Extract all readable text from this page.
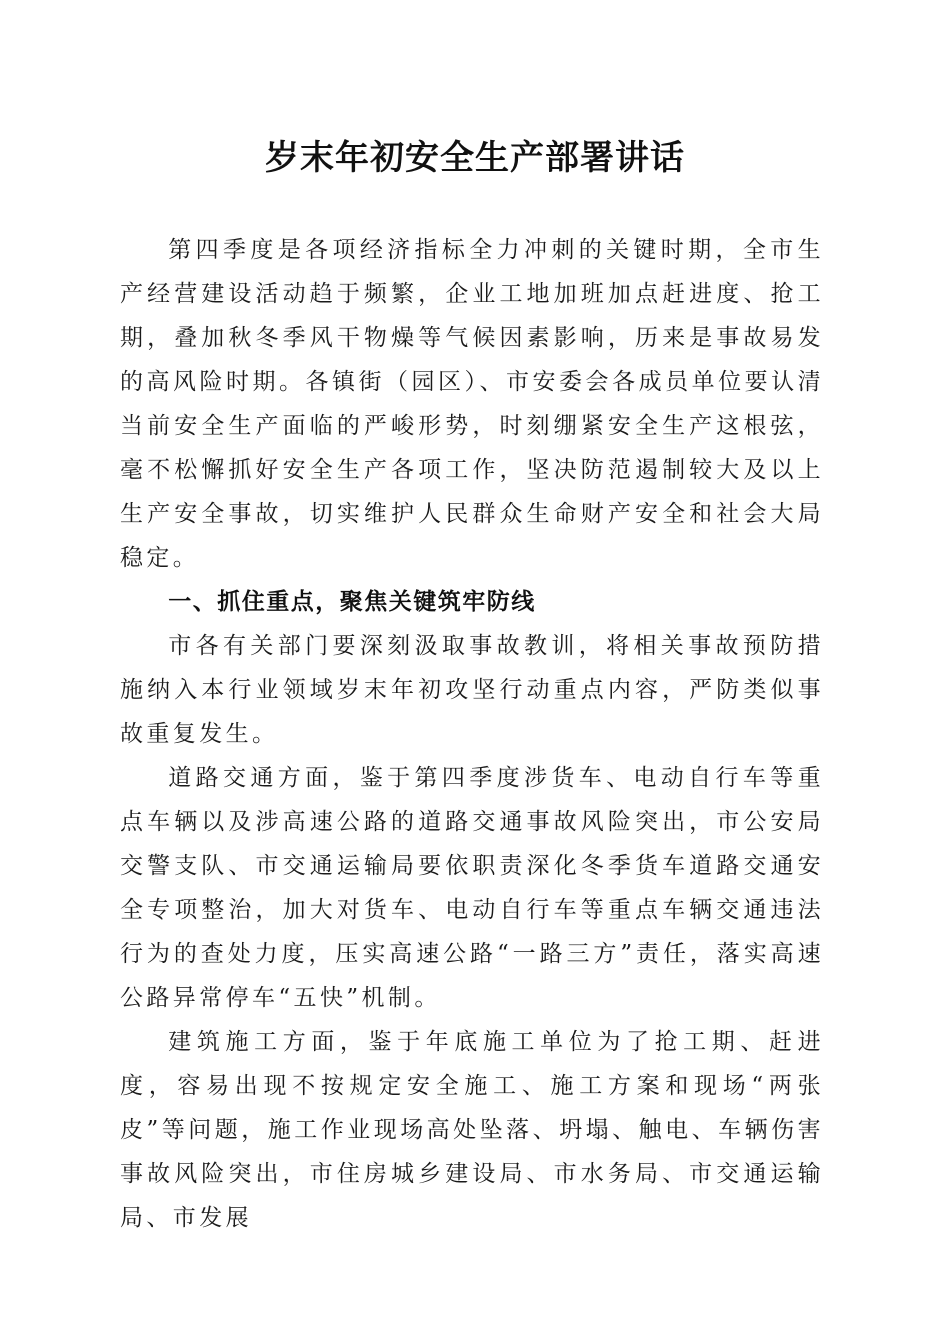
岁末年初安全生产部署讲话

第四季度是各项经济指标全力冲刺的关键时期，全市生产经营建设活动趋于频繁，企业工地加班加点赶进度、抢工期，叠加秋冬季风干物燥等气候因素影响，历来是事故易发的高风险时期。各镇街（园区）、市安委会各成员单位要认清当前安全生产面临的严峻形势，时刻绷紧安全生产这根弦，毫不松懈抓好安全生产各项工作，坚决防范遏制较大及以上生产安全事故，切实维护人民群众生命财产安全和社会大局稳定。

一、抓住重点，聚焦关键筑牢防线

市各有关部门要深刻汲取事故教训，将相关事故预防措施纳入本行业领域岁末年初攻坚行动重点内容，严防类似事故重复发生。

道路交通方面，鉴于第四季度涉货车、电动自行车等重点车辆以及涉高速公路的道路交通事故风险突出，市公安局交警支队、市交通运输局要依职责深化冬季货车道路交通安全专项整治，加大对货车、电动自行车等重点车辆交通违法行为的查处力度，压实高速公路“一路三方”责任，落实高速公路异常停车“五快”机制。

建筑施工方面，鉴于年底施工单位为了抢工期、赶进度，容易出现不按规定安全施工、施工方案和现场“两张皮”等问题，施工作业现场高处坠落、坍塌、触电、车辆伤害事故风险突出，市住房城乡建设局、市水务局、市交通运输局、市发展
